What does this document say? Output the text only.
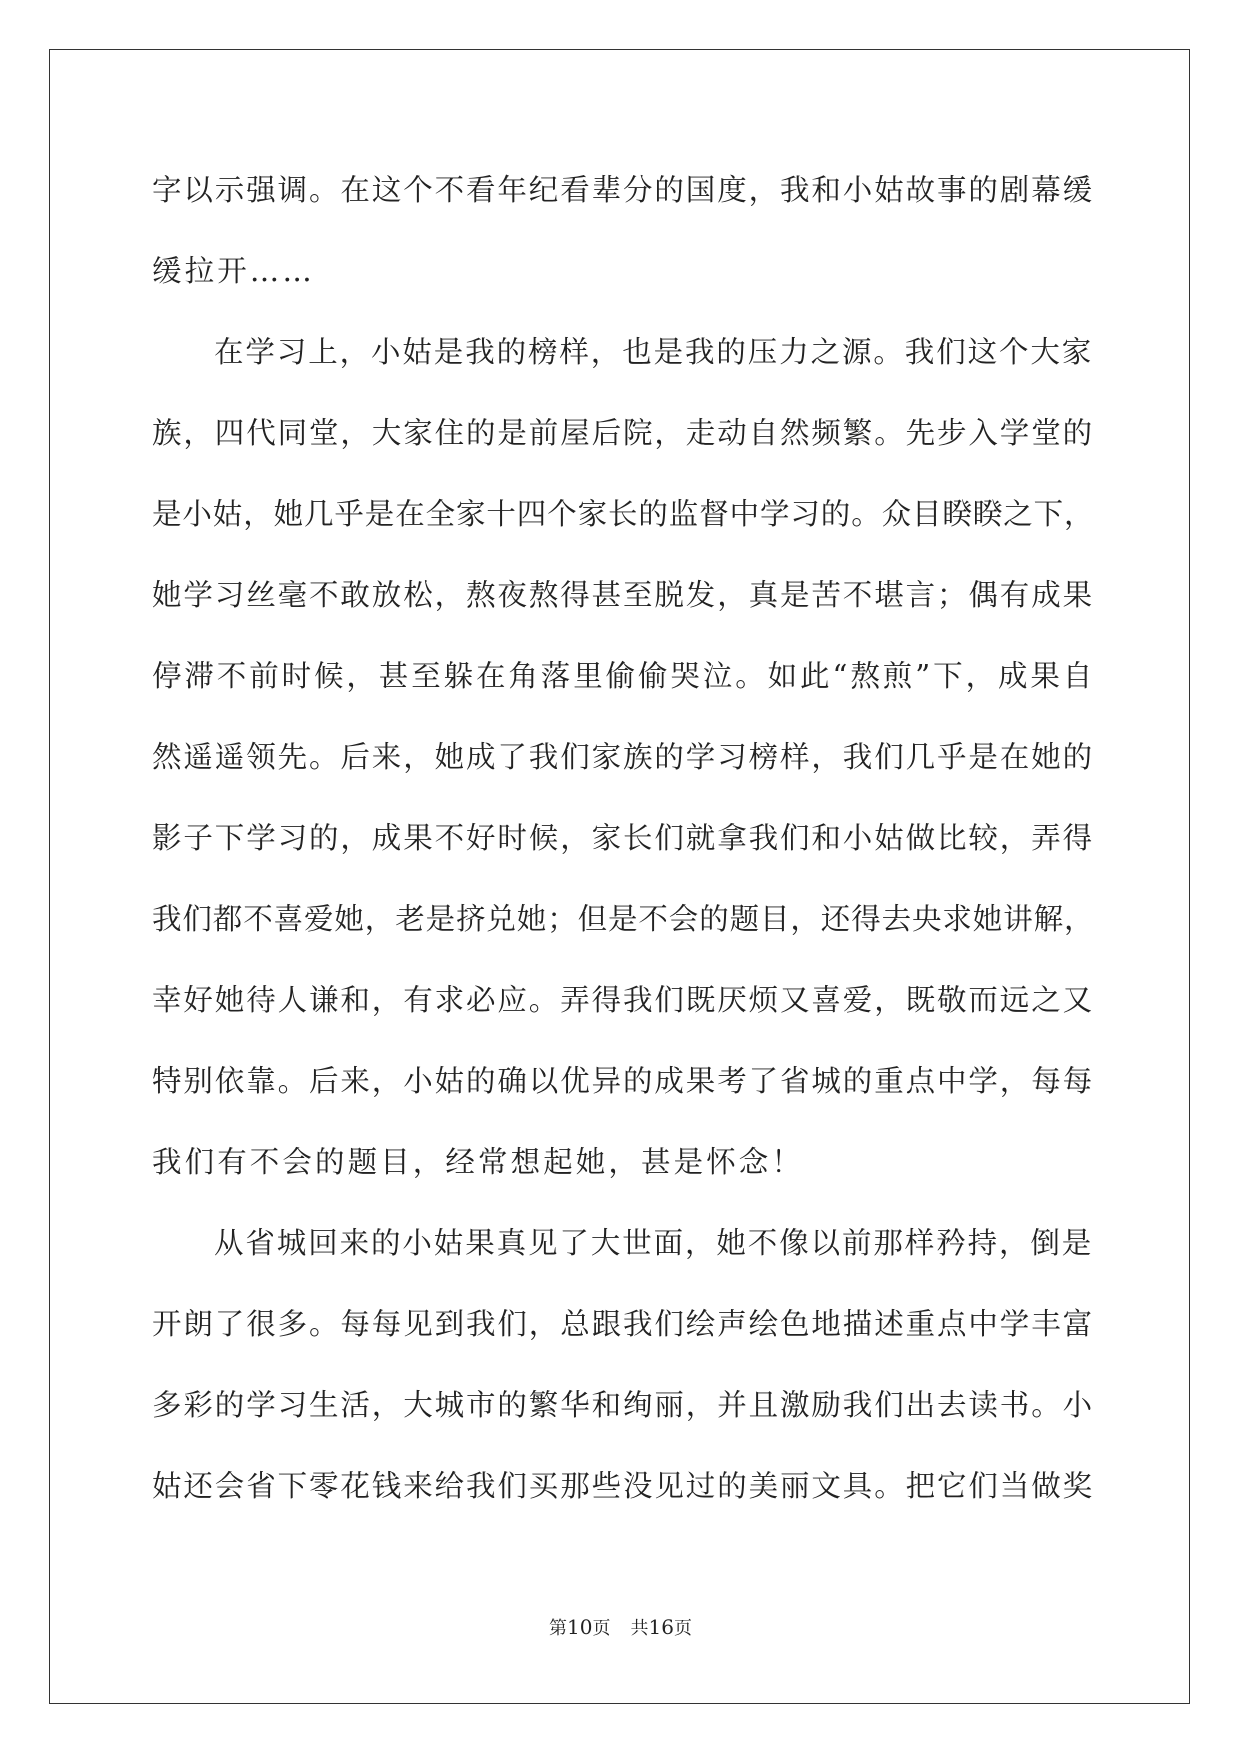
字以示强调。在这个不看年纪看辈分的国度，我和小姑故事的剧幕缓
缓拉开……
在学习上，小姑是我的榜样，也是我的压力之源。我们这个大家
族，四代同堂，大家住的是前屋后院，走动自然频繁。先步入学堂的
是小姑，她几乎是在全家十四个家长的监督中学习的。众目睽睽之下，
她学习丝毫不敢放松，熬夜熬得甚至脱发，真是苦不堪言；偶有成果
停滞不前时候，甚至躲在角落里偷偷哭泣。如此“熬煎”下，成果自
然遥遥领先。后来，她成了我们家族的学习榜样，我们几乎是在她的
影子下学习的，成果不好时候，家长们就拿我们和小姑做比较，弄得
我们都不喜爱她，老是挤兑她；但是不会的题目，还得去央求她讲解，
幸好她待人谦和，有求必应。弄得我们既厌烦又喜爱，既敬而远之又
特别依靠。后来，小姑的确以优异的成果考了省城的重点中学，每每
我们有不会的题目，经常想起她，甚是怀念！
从省城回来的小姑果真见了大世面，她不像以前那样矜持，倒是
开朗了很多。每每见到我们，总跟我们绘声绘色地描述重点中学丰富
多彩的学习生活，大城市的繁华和绚丽，并且激励我们出去读书。小
姑还会省下零花钱来给我们买那些没见过的美丽文具。把它们当做奖
第10页 共16页
